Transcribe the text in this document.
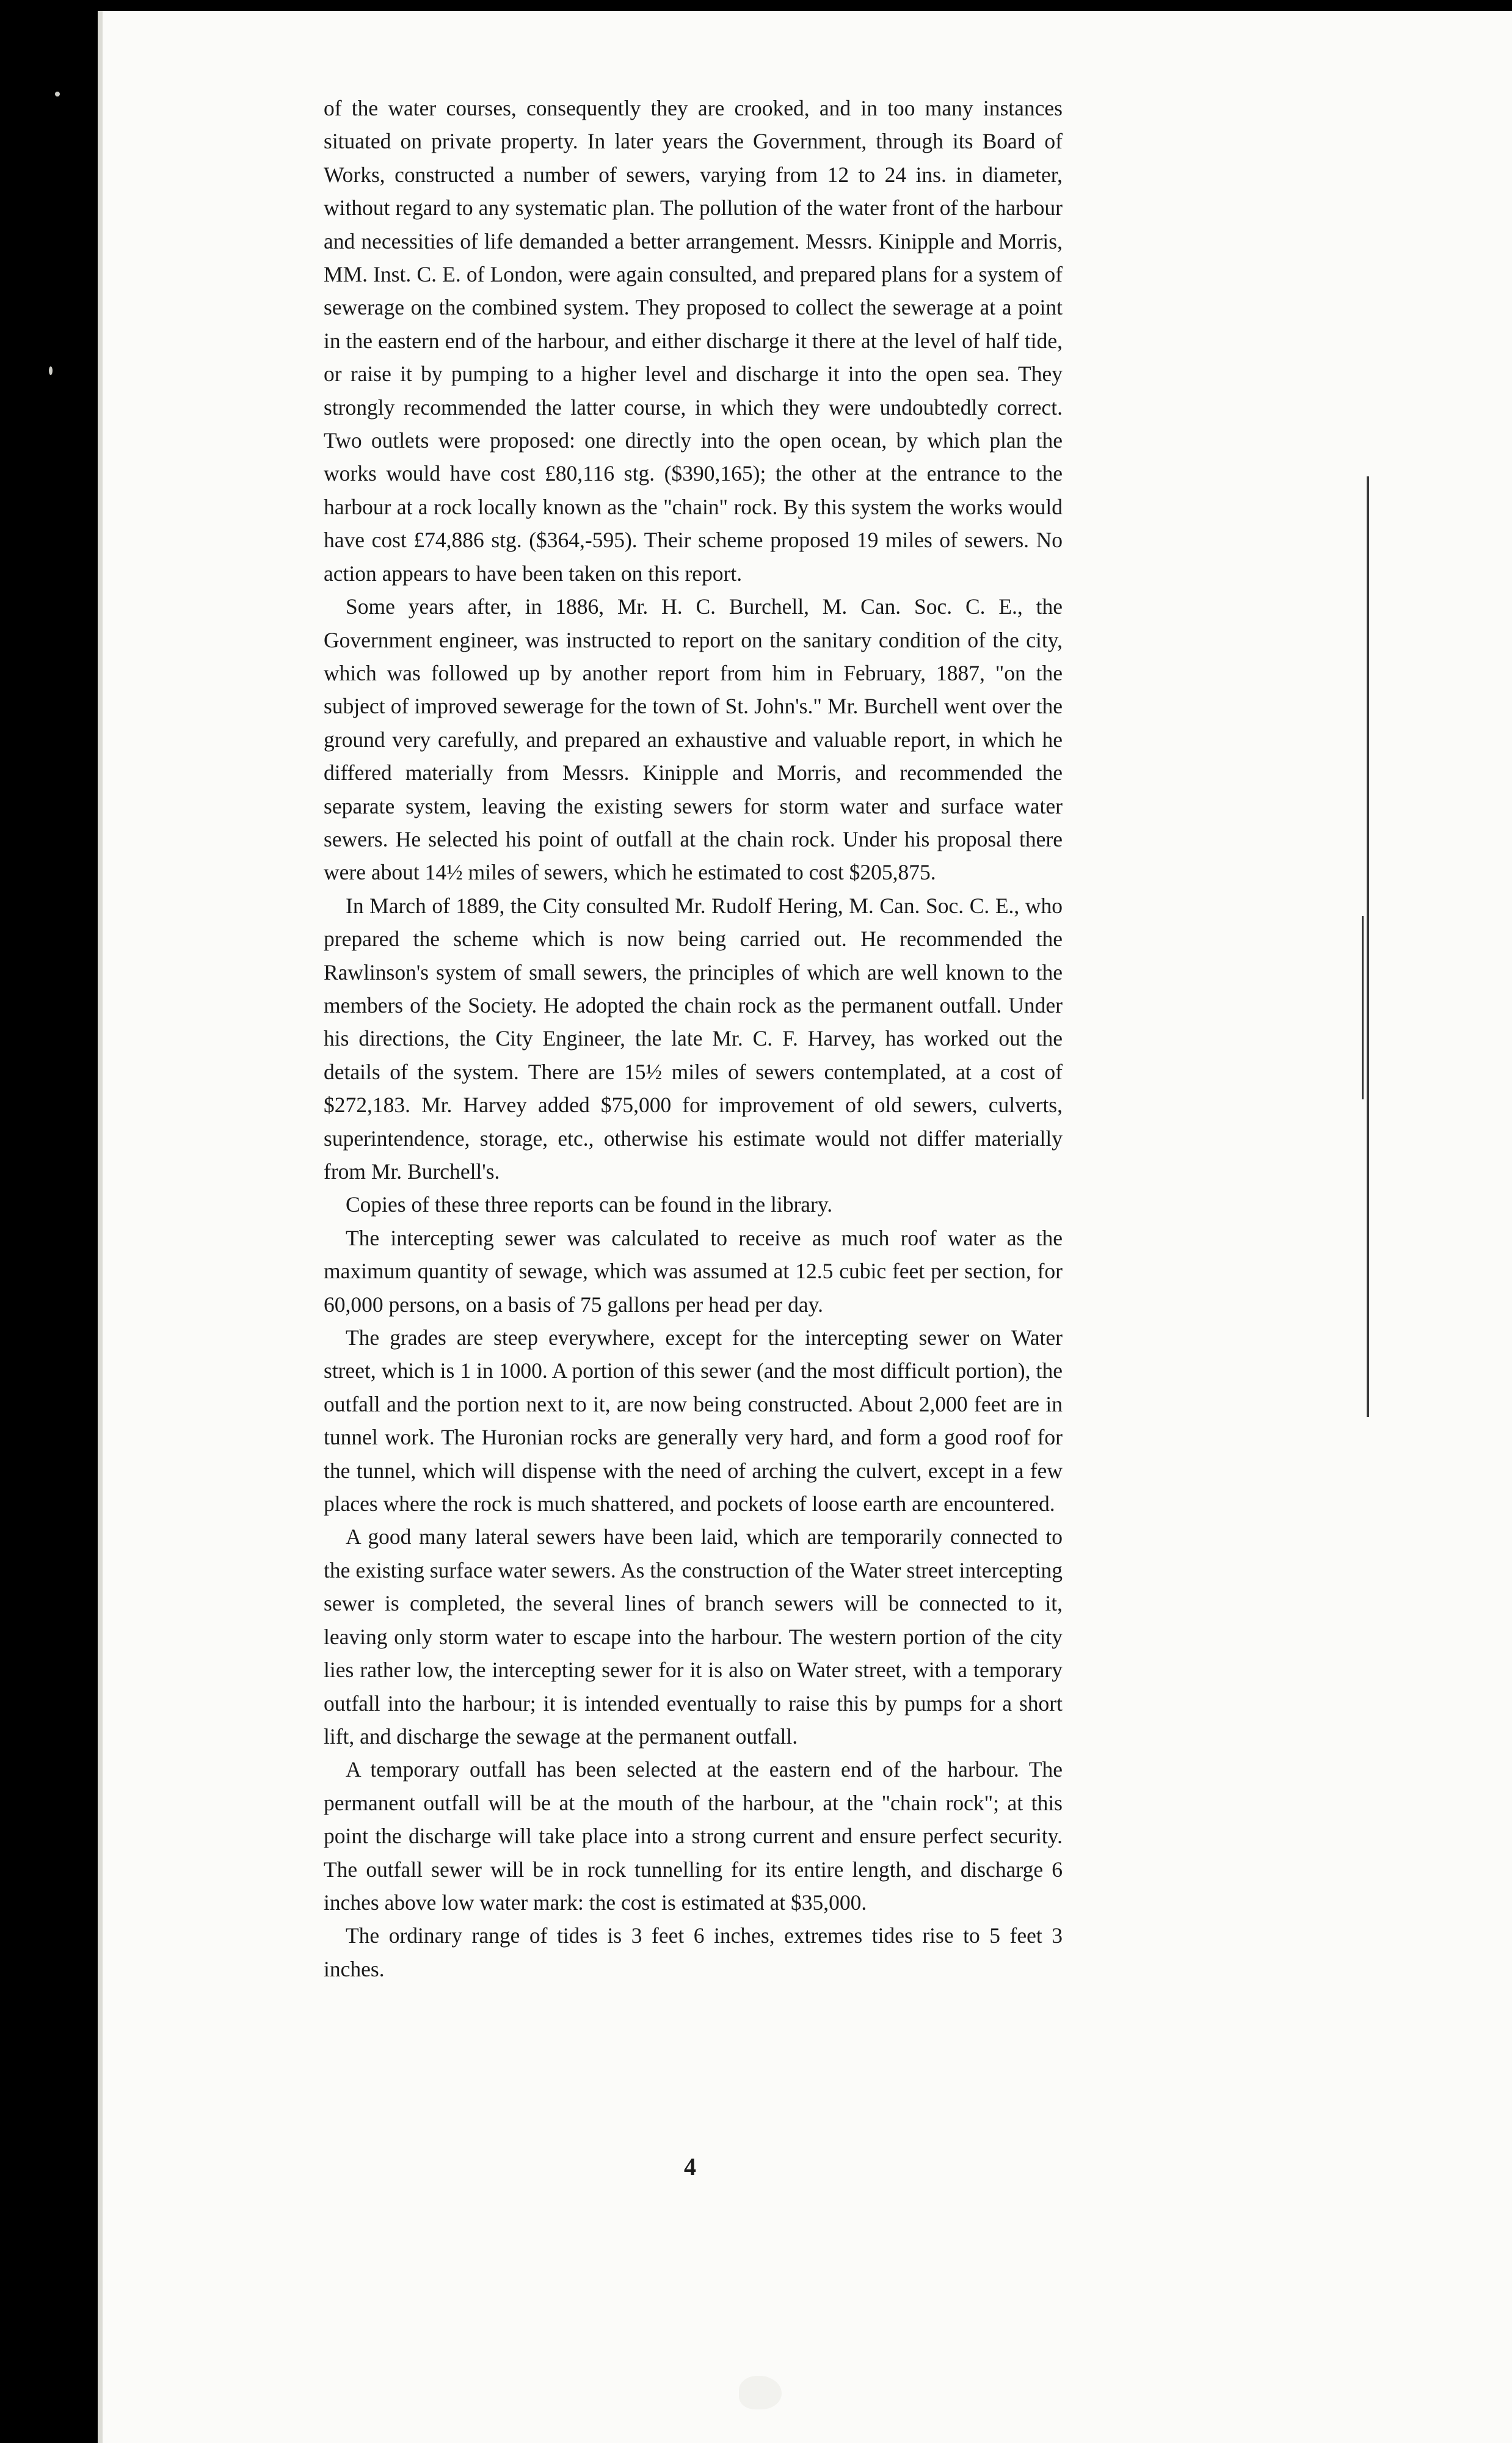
of the water courses, consequently they are crooked, and in too many instances situated on private property. In later years the Government, through its Board of Works, constructed a number of sewers, varying from 12 to 24 ins. in diameter, without regard to any systematic plan. The pollution of the water front of the harbour and necessities of life demanded a better arrangement. Messrs. Kinipple and Morris, MM. Inst. C. E. of London, were again consulted, and prepared plans for a system of sewerage on the combined system. They proposed to collect the sewerage at a point in the eastern end of the harbour, and either discharge it there at the level of half tide, or raise it by pumping to a higher level and discharge it into the open sea. They strongly recommended the latter course, in which they were undoubtedly correct. Two outlets were proposed: one directly into the open ocean, by which plan the works would have cost £80,116 stg. ($390,165); the other at the entrance to the harbour at a rock locally known as the "chain" rock. By this system the works would have cost £74,886 stg. ($364,-595). Their scheme proposed 19 miles of sewers. No action appears to have been taken on this report.

Some years after, in 1886, Mr. H. C. Burchell, M. Can. Soc. C. E., the Government engineer, was instructed to report on the sanitary condition of the city, which was followed up by another report from him in February, 1887, "on the subject of improved sewerage for the town of St. John's." Mr. Burchell went over the ground very carefully, and prepared an exhaustive and valuable report, in which he differed materially from Messrs. Kinipple and Morris, and recommended the separate system, leaving the existing sewers for storm water and surface water sewers. He selected his point of outfall at the chain rock. Under his proposal there were about 14½ miles of sewers, which he estimated to cost $205,875.

In March of 1889, the City consulted Mr. Rudolf Hering, M. Can. Soc. C. E., who prepared the scheme which is now being carried out. He recommended the Rawlinson's system of small sewers, the principles of which are well known to the members of the Society. He adopted the chain rock as the permanent outfall. Under his directions, the City Engineer, the late Mr. C. F. Harvey, has worked out the details of the system. There are 15½ miles of sewers contemplated, at a cost of $272,183. Mr. Harvey added $75,000 for improvement of old sewers, culverts, superintendence, storage, etc., otherwise his estimate would not differ materially from Mr. Burchell's.

Copies of these three reports can be found in the library.

The intercepting sewer was calculated to receive as much roof water as the maximum quantity of sewage, which was assumed at 12.5 cubic feet per section, for 60,000 persons, on a basis of 75 gallons per head per day.

The grades are steep everywhere, except for the intercepting sewer on Water street, which is 1 in 1000. A portion of this sewer (and the most difficult portion), the outfall and the portion next to it, are now being constructed. About 2,000 feet are in tunnel work. The Huronian rocks are generally very hard, and form a good roof for the tunnel, which will dispense with the need of arching the culvert, except in a few places where the rock is much shattered, and pockets of loose earth are encountered.

A good many lateral sewers have been laid, which are temporarily connected to the existing surface water sewers. As the construction of the Water street intercepting sewer is completed, the several lines of branch sewers will be connected to it, leaving only storm water to escape into the harbour. The western portion of the city lies rather low, the intercepting sewer for it is also on Water street, with a temporary outfall into the harbour; it is intended eventually to raise this by pumps for a short lift, and discharge the sewage at the permanent outfall.

A temporary outfall has been selected at the eastern end of the harbour. The permanent outfall will be at the mouth of the harbour, at the "chain rock"; at this point the discharge will take place into a strong current and ensure perfect security. The outfall sewer will be in rock tunnelling for its entire length, and discharge 6 inches above low water mark: the cost is estimated at $35,000.

The ordinary range of tides is 3 feet 6 inches, extremes tides rise to 5 feet 3 inches.

4
